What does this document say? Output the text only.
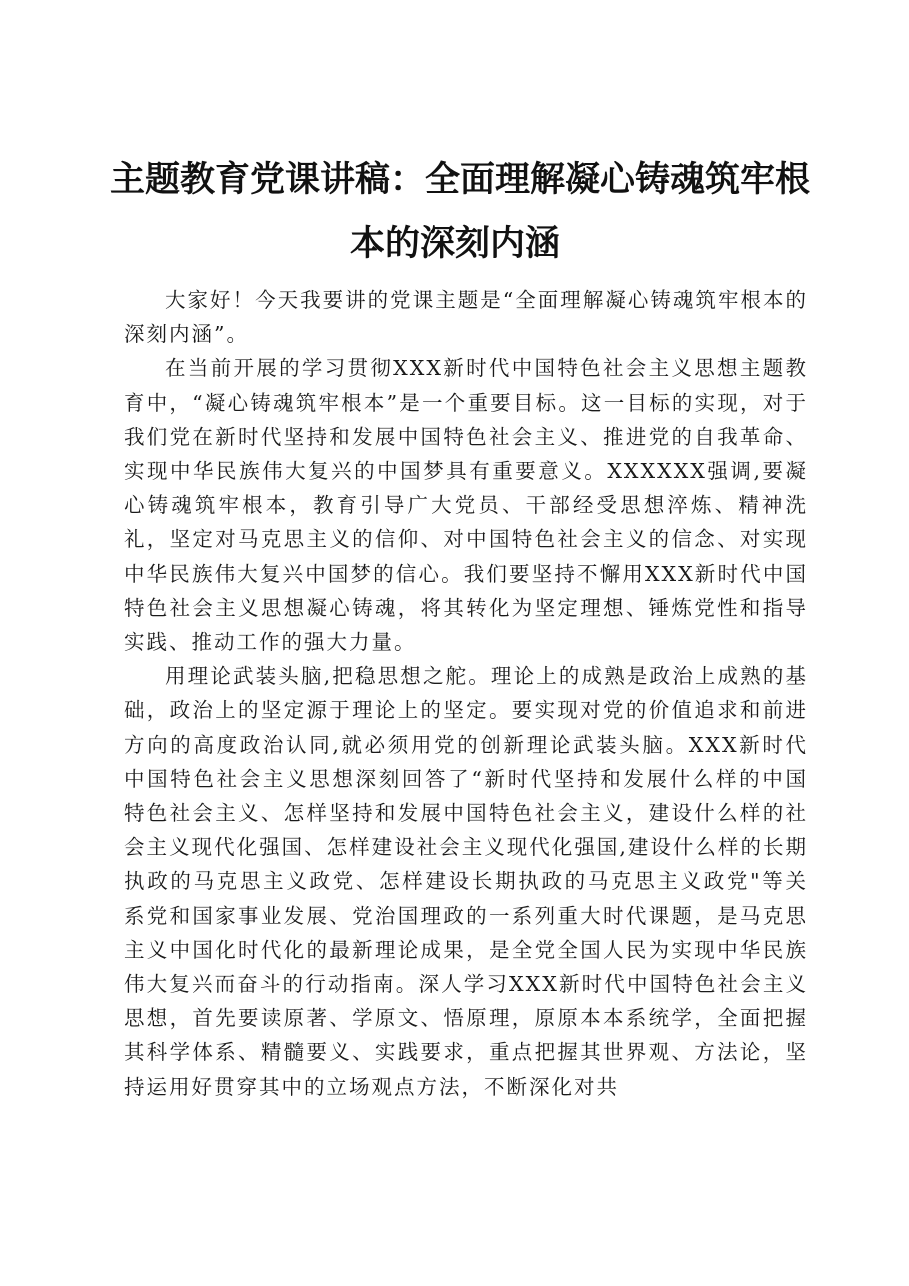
主题教育党课讲稿：全面理解凝心铸魂筑牢根
本的深刻内涵

大家好！今天我要讲的党课主题是“全面理解凝心铸魂筑牢根本的深刻内涵”。

在当前开展的学习贯彻XXX新时代中国特色社会主义思想主题教育中，“凝心铸魂筑牢根本”是一个重要目标。这一目标的实现，对于我们党在新时代坚持和发展中国特色社会主义、推进党的自我革命、实现中华民族伟大复兴的中国梦具有重要意义。XXXXXX强调,要凝心铸魂筑牢根本，教育引导广大党员、干部经受思想淬炼、精神洗礼，坚定对马克思主义的信仰、对中国特色社会主义的信念、对实现中华民族伟大复兴中国梦的信心。我们要坚持不懈用XXX新时代中国特色社会主义思想凝心铸魂，将其转化为坚定理想、锤炼党性和指导实践、推动工作的强大力量。

用理论武装头脑,把稳思想之舵。理论上的成熟是政治上成熟的基础，政治上的坚定源于理论上的坚定。要实现对党的价值追求和前进方向的高度政治认同,就必须用党的创新理论武装头脑。XXX新时代中国特色社会主义思想深刻回答了“新时代坚持和发展什么样的中国特色社会主义、怎样坚持和发展中国特色社会主义，建设什么样的社会主义现代化强国、怎样建设社会主义现代化强国,建设什么样的长期执政的马克思主义政党、怎样建设长期执政的马克思主义政党"等关系党和国家事业发展、党治国理政的一系列重大时代课题，是马克思主义中国化时代化的最新理论成果，是全党全国人民为实现中华民族伟大复兴而奋斗的行动指南。深人学习XXX新时代中国特色社会主义思想，首先要读原著、学原文、悟原理，原原本本系统学，全面把握其科学体系、精髓要义、实践要求，重点把握其世界观、方法论，坚持运用好贯穿其中的立场观点方法，不断深化对共
